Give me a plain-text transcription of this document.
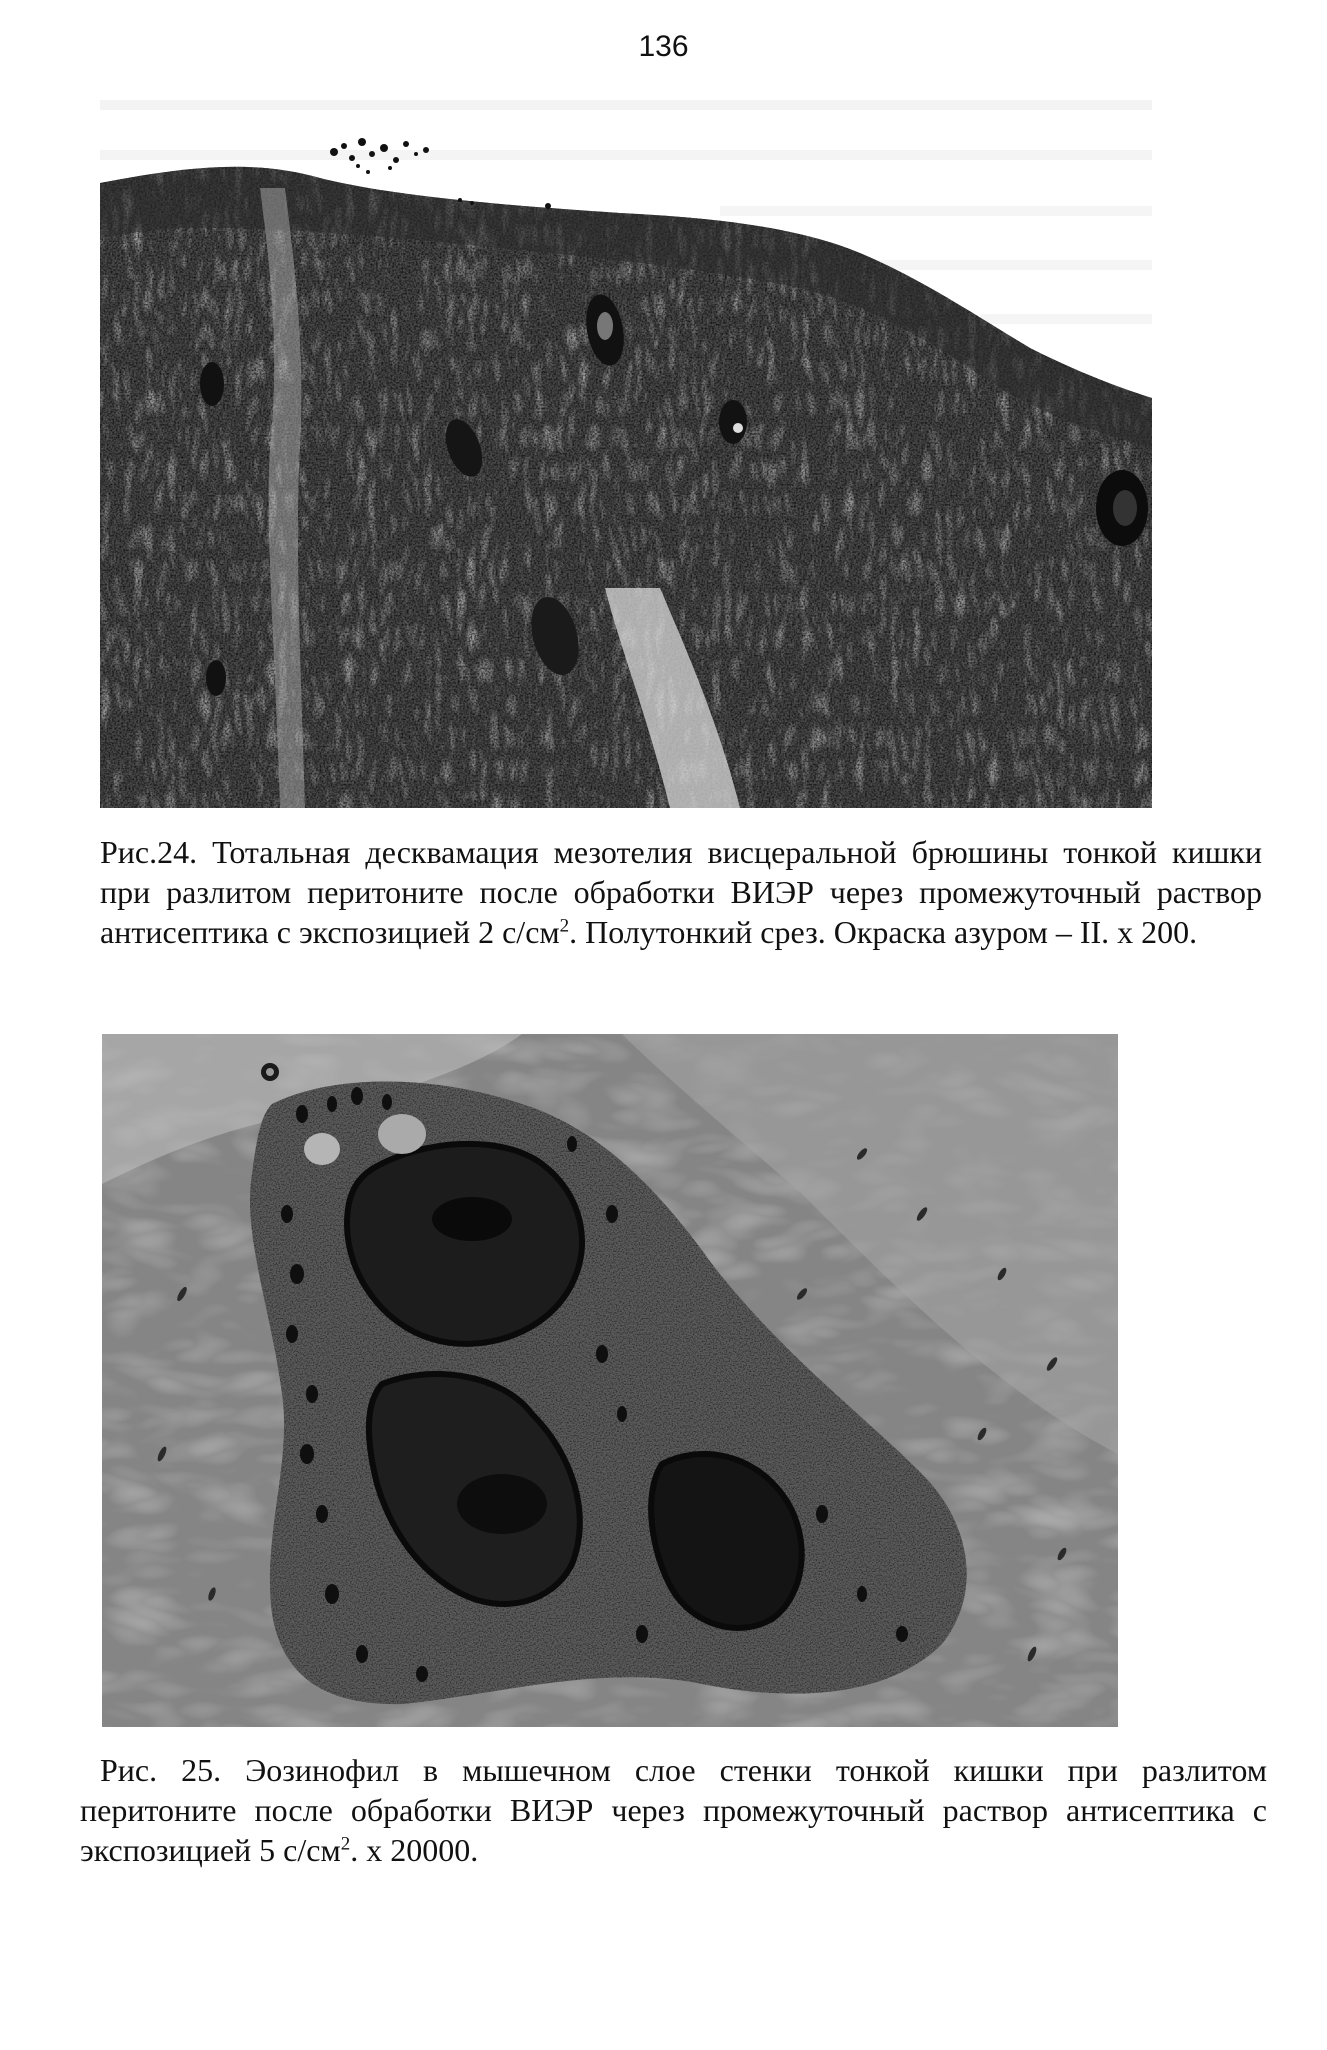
136
Рис.24. Тотальная десквамация мезотелия висцеральной брюшины тонкой кишки при разлитом перитоните после обработки ВИЭР через промежуточный раствор антисептика с экспозицией 2 $с/см^2$. Полутонкий срез. Окраска азуром – II. х 200.
Рис. 25. Эозинофил в мышечном слое стенки тонкой кишки при разлитом перитоните после обработки ВИЭР через промежуточный раствор антисептика с экспозицией 5 $с/см^2$. х 20000.
